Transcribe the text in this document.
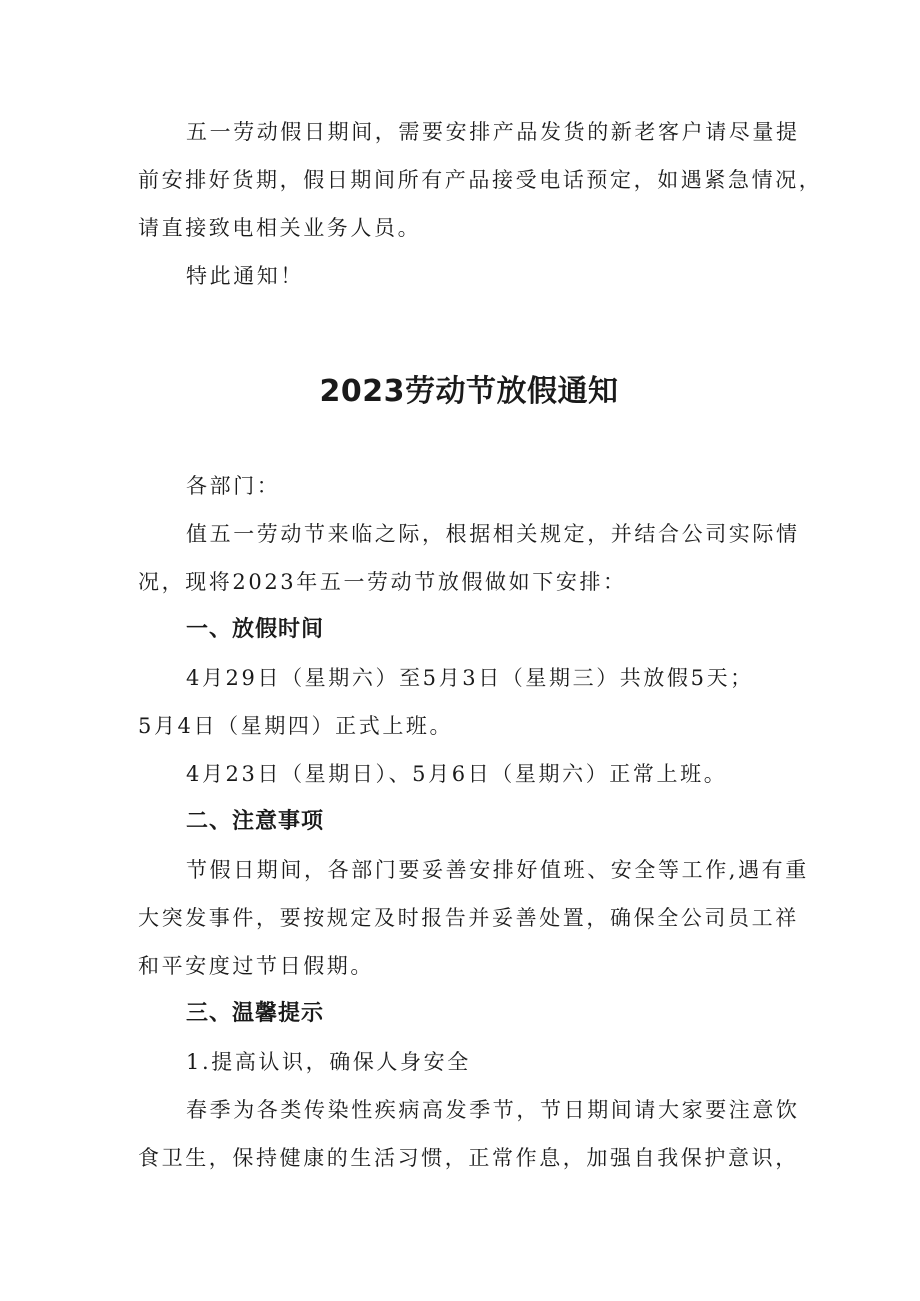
五一劳动假日期间，需要安排产品发货的新老客户请尽量提
前安排好货期，假日期间所有产品接受电话预定，如遇紧急情况，
请直接致电相关业务人员。

特此通知！

2023劳动节放假通知

各部门：

值五一劳动节来临之际，根据相关规定，并结合公司实际情
况，现将2023年五一劳动节放假做如下安排：

一、放假时间

4月29日（星期六）至5月3日（星期三）共放假5天；
5月4日（星期四）正式上班。
4月23日（星期日）、5月6日（星期六）正常上班。

二、注意事项

节假日期间，各部门要妥善安排好值班、安全等工作,遇有重
大突发事件，要按规定及时报告并妥善处置，确保全公司员工祥
和平安度过节日假期。

三、温馨提示

1.提高认识，确保人身安全

春季为各类传染性疾病高发季节，节日期间请大家要注意饮
食卫生，保持健康的生活习惯，正常作息，加强自我保护意识，
